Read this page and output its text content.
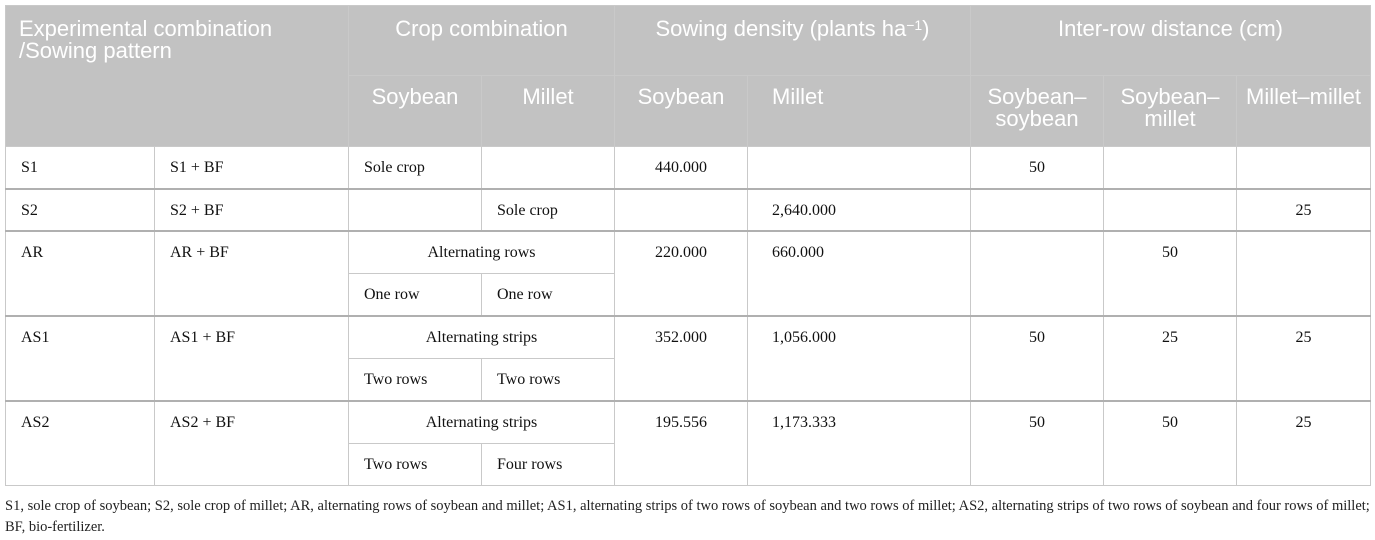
Experimental combination /Sowing pattern		Crop combination		Sowing density (plants $ha^{-1}$)		Inter-row distance (cm)		
		Soybean	Millet	Soybean	Millet	Soybean–soybean	Soybean–millet	Millet–millet
S1	S1 + BF	Sole crop		440.000		50		
S2	S2 + BF		Sole crop		2,640.000			25
AR	AR + BF	Alternating rows		220.000	660.000		50	
		One row	One row					
AS1	AS1 + BF	Alternating strips		352.000	1,056.000	50	25	25
		Two rows	Two rows					
AS2	AS2 + BF	Alternating strips		195.556	1,173.333	50	50	25
		Two rows	Four rows					

S1, sole crop of soybean; S2, sole crop of millet; AR, alternating rows of soybean and millet; AS1, alternating strips of two rows of soybean and two rows of millet; AS2, alternating strips of two rows of soybean and four rows of millet; BF, bio-fertilizer.
